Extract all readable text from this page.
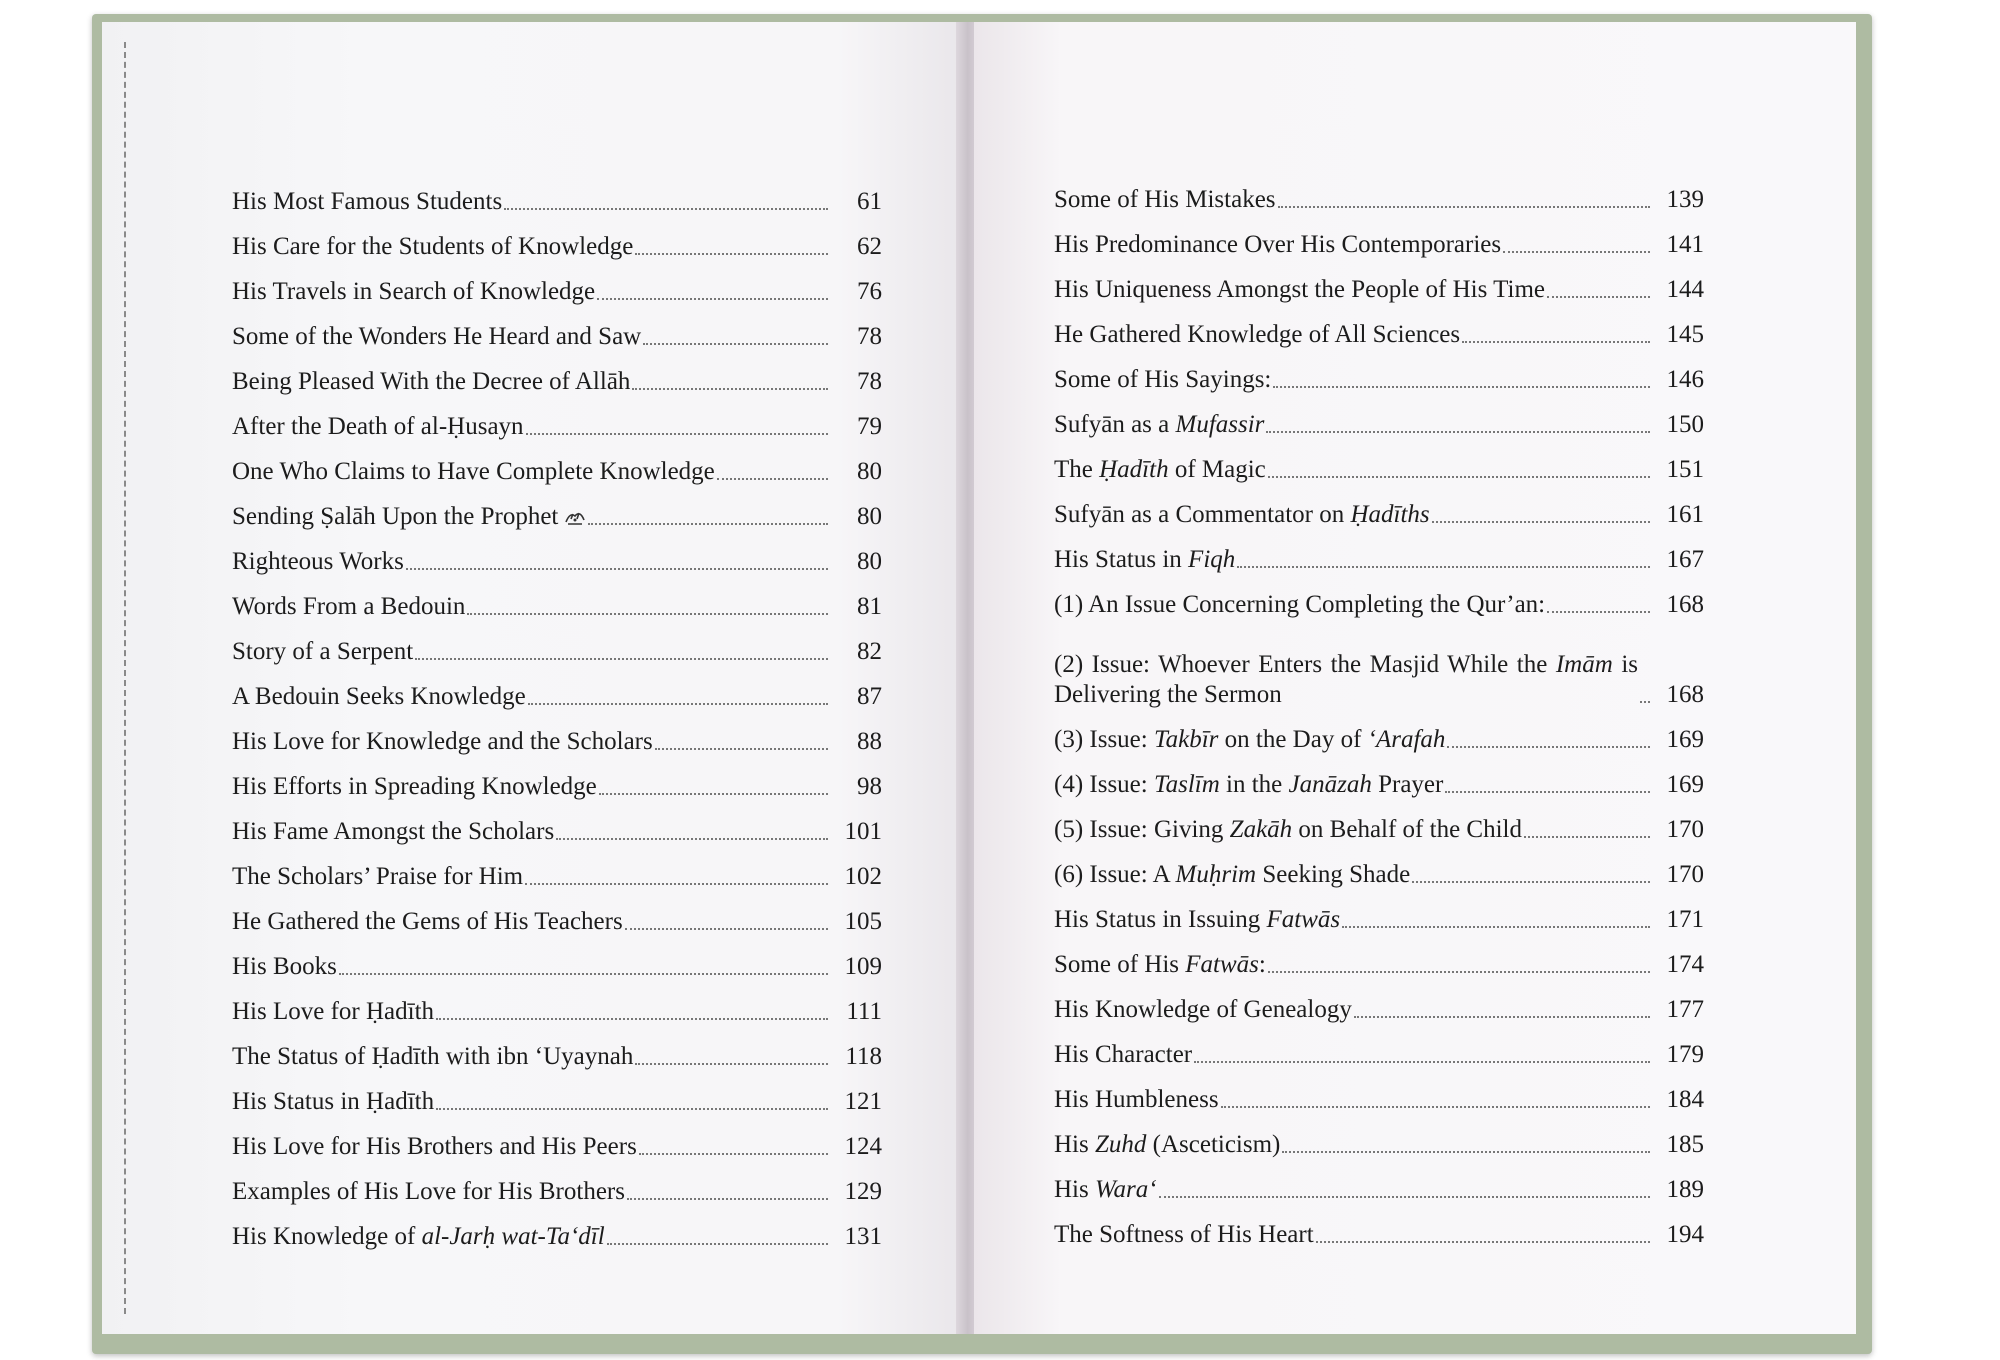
His Most Famous Students	61
His Care for the Students of Knowledge	62
His Travels in Search of Knowledge	76
Some of the Wonders He Heard and Saw	78
Being Pleased With the Decree of Allāh	78
After the Death of al-Ḥusayn	79
One Who Claims to Have Complete Knowledge	80
Sending Ṣalāh Upon the Prophet	80
Righteous Works	80
Words From a Bedouin	81
Story of a Serpent	82
A Bedouin Seeks Knowledge	87
His Love for Knowledge and the Scholars	88
His Efforts in Spreading Knowledge	98
His Fame Amongst the Scholars	101
The Scholars’ Praise for Him	102
He Gathered the Gems of His Teachers	105
His Books	109
His Love for Ḥadīth	111
The Status of Ḥadīth with ibn ‘Uyaynah	118
His Status in Ḥadīth	121
His Love for His Brothers and His Peers	124
Examples of His Love for His Brothers	129
His Knowledge of al-Jarḥ wat-Ta‘dīl	131
Some of His Mistakes	139
His Predominance Over His Contemporaries	141
His Uniqueness Amongst the People of His Time	144
He Gathered Knowledge of All Sciences	145
Some of His Sayings:	146
Sufyān as a Mufassir	150
The Ḥadīth of Magic	151
Sufyān as a Commentator on Ḥadīths	161
His Status in Fiqh	167
(1) An Issue Concerning Completing the Qur’an:	168
(2) Issue: Whoever Enters the Masjid While the Imām is Delivering the Sermon	168
(3) Issue: Takbīr on the Day of ‘Arafah	169
(4) Issue: Taslīm in the Janāzah Prayer	169
(5) Issue: Giving Zakāh on Behalf of the Child	170
(6) Issue: A Muḥrim Seeking Shade	170
His Status in Issuing Fatwās	171
Some of His Fatwās:	174
His Knowledge of Genealogy	177
His Character	179
His Humbleness	184
His Zuhd (Asceticism)	185
His Wara‘	189
The Softness of His Heart	194
